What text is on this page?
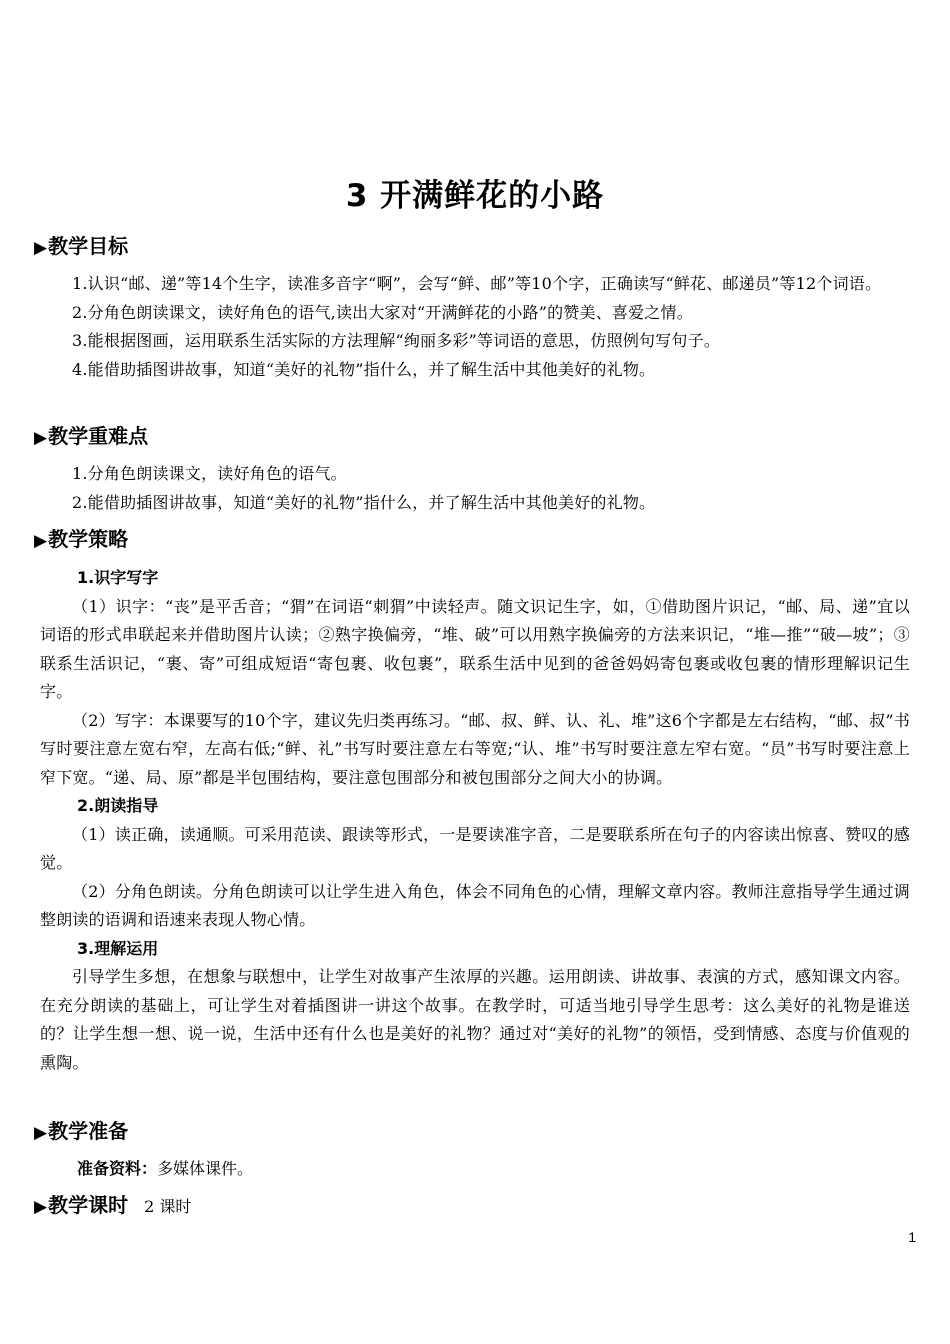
3 开满鲜花的小路
▶教学目标

1.认识“邮、递”等14个生字，读准多音字“啊”，会写“鲜、邮”等10个字，正确读写“鲜花、邮递员”等12个词语。

2.分角色朗读课文，读好角色的语气,读出大家对“开满鲜花的小路”的赞美、喜爱之情。

3.能根据图画，运用联系生活实际的方法理解“绚丽多彩”等词语的意思，仿照例句写句子。

4.能借助插图讲故事，知道“美好的礼物”指什么，并了解生活中其他美好的礼物。

▶教学重难点

1.分角色朗读课文，读好角色的语气。

2.能借助插图讲故事，知道“美好的礼物”指什么，并了解生活中其他美好的礼物。

▶教学策略

1.识字写字

（1）识字：“丧”是平舌音；“猬”在词语“刺猬”中读轻声。随文识记生字，如，①借助图片识记，“邮、局、递”宜以词语的形式串联起来并借助图片认读；②熟字换偏旁，“堆、破”可以用熟字换偏旁的方法来识记，“堆—推”“破—坡”；③联系生活识记，“裹、寄”可组成短语“寄包裹、收包裹”，联系生活中见到的爸爸妈妈寄包裹或收包裹的情形理解识记生字。

（2）写字：本课要写的10个字，建议先归类再练习。“邮、叔、鲜、认、礼、堆”这6个字都是左右结构，“邮、叔”书写时要注意左宽右窄，左高右低;“鲜、礼”书写时要注意左右等宽;“认、堆”书写时要注意左窄右宽。“员”书写时要注意上窄下宽。“递、局、原”都是半包围结构，要注意包围部分和被包围部分之间大小的协调。

2.朗读指导

（1）读正确，读通顺。可采用范读、跟读等形式，一是要读准字音，二是要联系所在句子的内容读出惊喜、赞叹的感觉。

（2）分角色朗读。分角色朗读可以让学生进入角色，体会不同角色的心情，理解文章内容。教师注意指导学生通过调整朗读的语调和语速来表现人物心情。

3.理解运用

引导学生多想，在想象与联想中，让学生对故事产生浓厚的兴趣。运用朗读、讲故事、表演的方式，感知课文内容。在充分朗读的基础上，可让学生对着插图讲一讲这个故事。在教学时，可适当地引导学生思考：这么美好的礼物是谁送的？让学生想一想、说一说，生活中还有什么也是美好的礼物？通过对“美好的礼物”的领悟，受到情感、态度与价值观的熏陶。

▶教学准备

准备资料：多媒体课件。

▶教学课时 2 课时
1
